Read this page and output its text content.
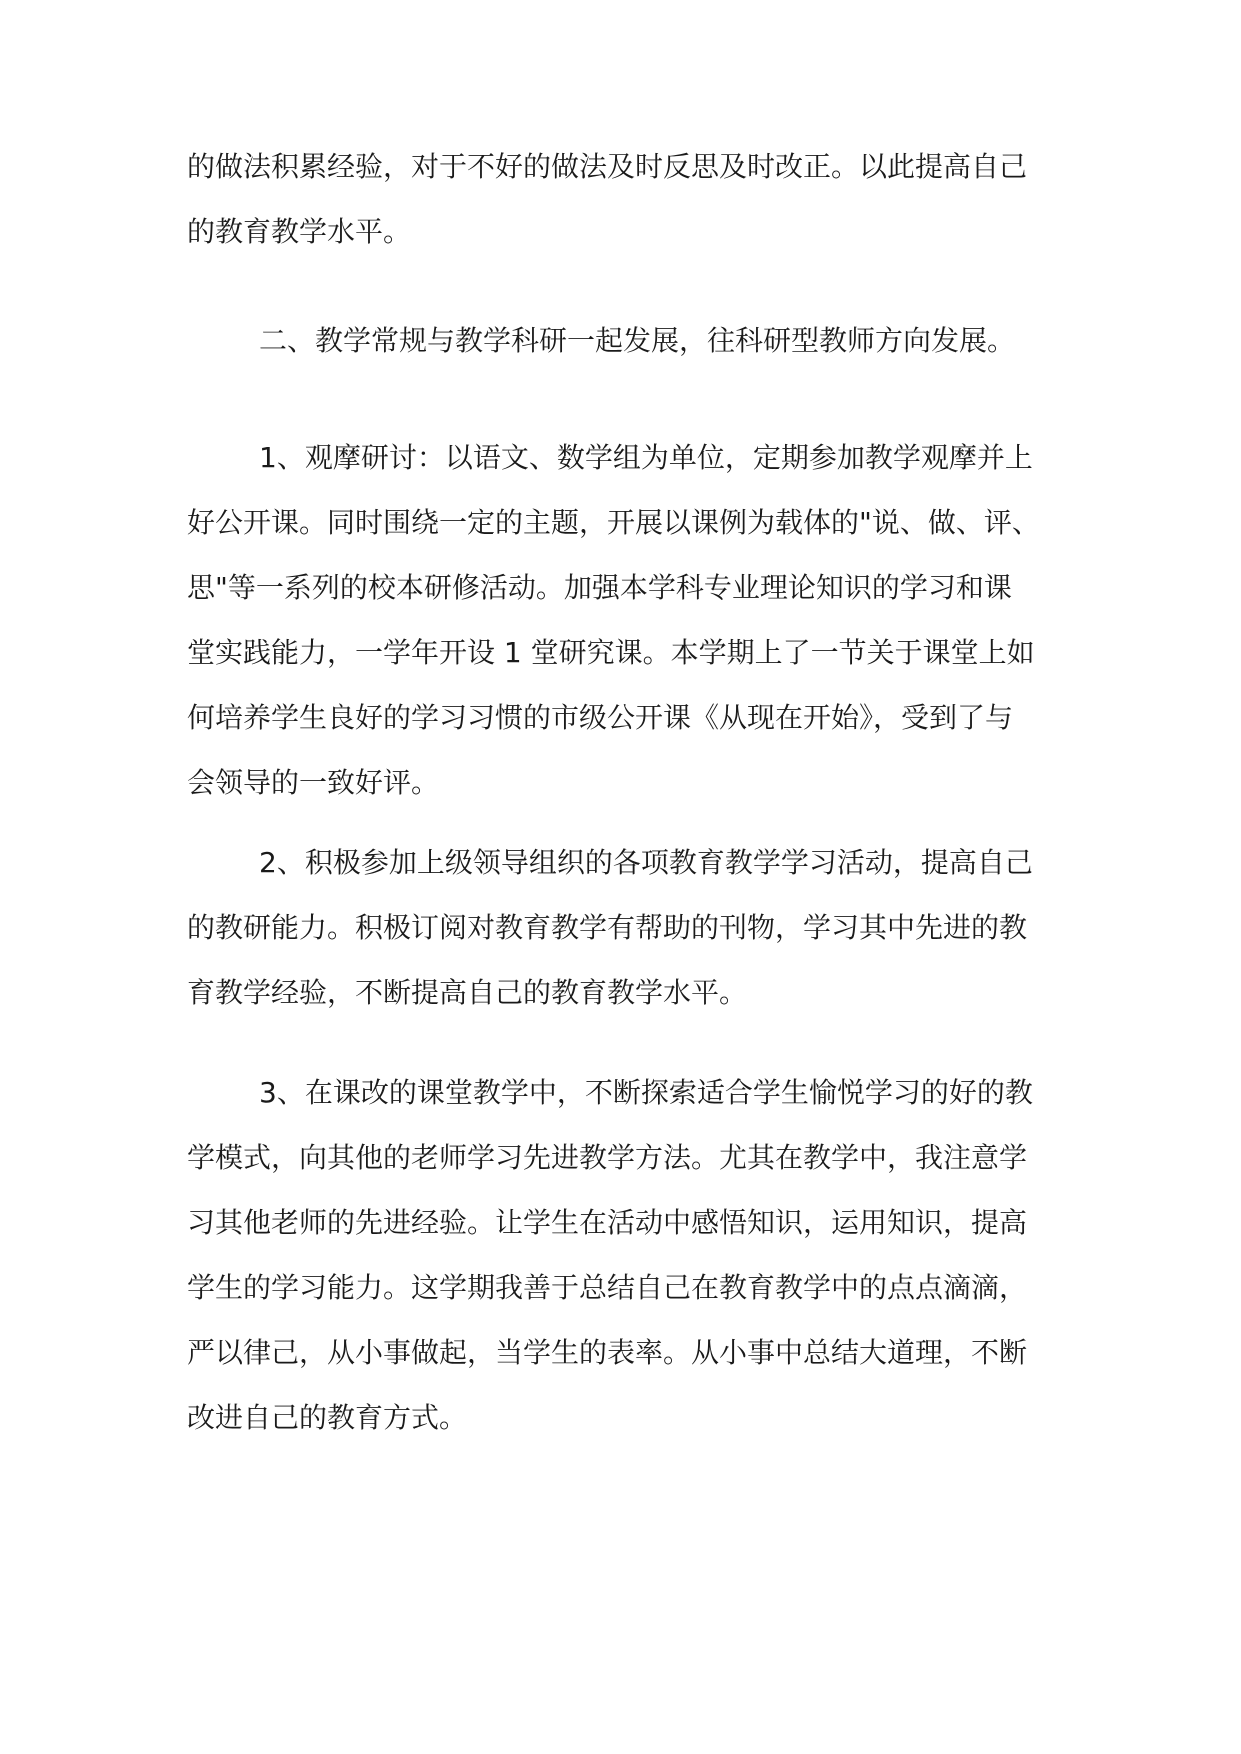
的做法积累经验，对于不好的做法及时反思及时改正。以此提高自己
的教育教学水平。
二、教学常规与教学科研一起发展，往科研型教师方向发展。
1、观摩研讨：以语文、数学组为单位，定期参加教学观摩并上
好公开课。同时围绕一定的主题，开展以课例为载体的"说、做、评、
思"等一系列的校本研修活动。加强本学科专业理论知识的学习和课
堂实践能力，一学年开设 1 堂研究课。本学期上了一节关于课堂上如
何培养学生良好的学习习惯的市级公开课《从现在开始》，受到了与
会领导的一致好评。
2、积极参加上级领导组织的各项教育教学学习活动，提高自己
的教研能力。积极订阅对教育教学有帮助的刊物，学习其中先进的教
育教学经验，不断提高自己的教育教学水平。
3、在课改的课堂教学中，不断探索适合学生愉悦学习的好的教
学模式，向其他的老师学习先进教学方法。尤其在教学中，我注意学
习其他老师的先进经验。让学生在活动中感悟知识，运用知识，提高
学生的学习能力。这学期我善于总结自己在教育教学中的点点滴滴，
严以律己，从小事做起，当学生的表率。从小事中总结大道理，不断
改进自己的教育方式。
